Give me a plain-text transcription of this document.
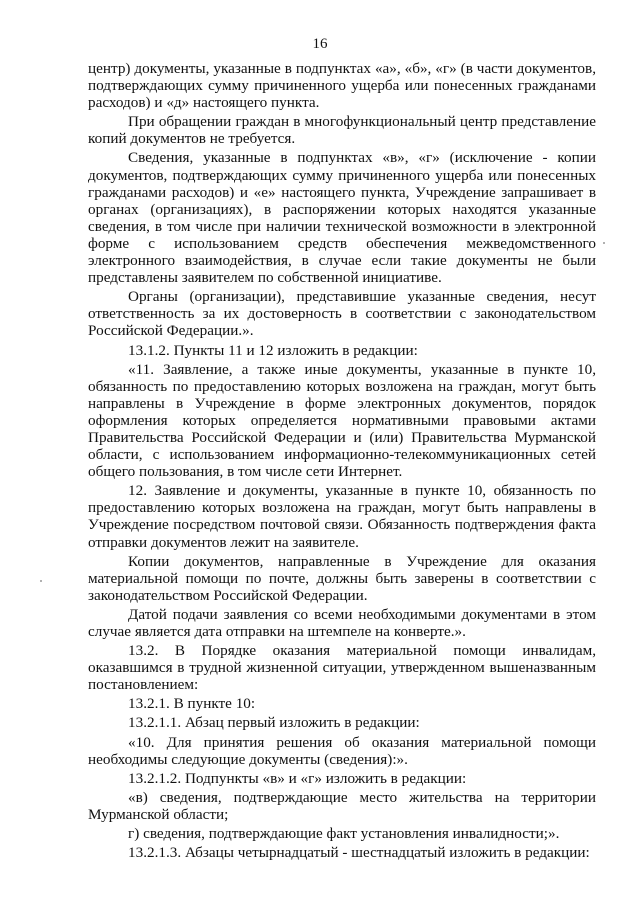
16

центр) документы, указанные в подпунктах «а», «б», «г» (в части документов, подтверждающих сумму причиненного ущерба или понесенных гражданами расходов) и «д» настоящего пункта.

При обращении граждан в многофункциональный центр представление копий документов не требуется.

Сведения, указанные в подпунктах «в», «г» (исключение - копии документов, подтверждающих сумму причиненного ущерба или понесенных гражданами расходов) и «е» настоящего пункта, Учреждение запрашивает в органах (организациях), в распоряжении которых находятся указанные сведения, в том числе при наличии технической возможности в электронной форме с использованием средств обеспечения межведомственного электронного взаимодействия, в случае если такие документы не были представлены заявителем по собственной инициативе.

Органы (организации), представившие указанные сведения, несут ответственность за их достоверность в соответствии с законодательством Российской Федерации.».

13.1.2. Пункты 11 и 12 изложить в редакции:

«11. Заявление, а также иные документы, указанные в пункте 10, обязанность по предоставлению которых возложена на граждан, могут быть направлены в Учреждение в форме электронных документов, порядок оформления которых определяется нормативными правовыми актами Правительства Российской Федерации и (или) Правительства Мурманской области, с использованием информационно-телекоммуникационных сетей общего пользования, в том числе сети Интернет.

12. Заявление и документы, указанные в пункте 10, обязанность по предоставлению которых возложена на граждан, могут быть направлены в Учреждение посредством почтовой связи. Обязанность подтверждения факта отправки документов лежит на заявителе.

Копии документов, направленные в Учреждение для оказания материальной помощи по почте, должны быть заверены в соответствии с законодательством Российской Федерации.

Датой подачи заявления со всеми необходимыми документами в этом случае является дата отправки на штемпеле на конверте.».

13.2. В Порядке оказания материальной помощи инвалидам, оказавшимся в трудной жизненной ситуации, утвержденном вышеназванным постановлением:

13.2.1. В пункте 10:

13.2.1.1. Абзац первый изложить в редакции:

«10. Для принятия решения об оказания материальной помощи необходимы следующие документы (сведения):».

13.2.1.2. Подпункты «в» и «г» изложить в редакции:

«в) сведения, подтверждающие место жительства на территории Мурманской области;

г) сведения, подтверждающие факт установления инвалидности;».

13.2.1.3. Абзацы четырнадцатый - шестнадцатый изложить в редакции:
